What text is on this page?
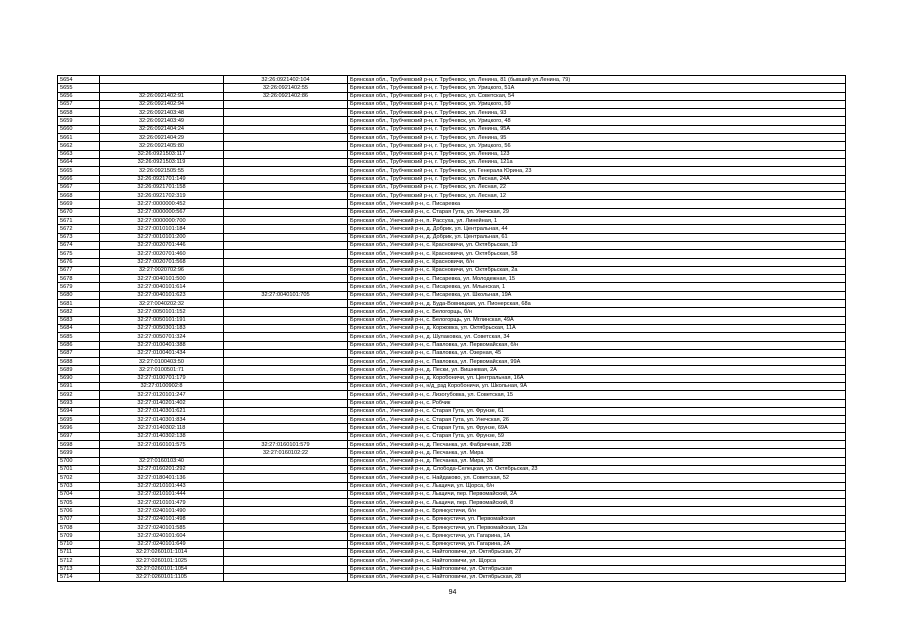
5654		32:26:0921402:104	Брянская обл., Трубчевский р-н, г. Трубчевск, ул. Ленина, 81 (бывший ул.Ленина, 79)
5655		32:26:0921402:55	Брянская обл., Трубчевский р-н, г. Трубчевск, ул. Урицкого, 51А
5656	32:26:0921402:91	32:26:0921402:86	Брянская обл., Трубчевский р-н, г. Трубчевск, ул. Советская, 54
5657	32:26:0921402:94		Брянская обл., Трубчевский р-н, г. Трубчевск, ул. Урицкого, 59
5658	32:26:0921403:48		Брянская обл., Трубчевский р-н, г. Трубчевск, ул. Ленина, 93
5659	32:26:0921403:49		Брянская обл., Трубчевский р-н, г. Трубчевск, ул. Урицкого, 48
5660	32:26:0921404:24		Брянская обл., Трубчевский р-н, г. Трубчевск, ул. Ленина, 95А
5661	32:26:0921404:29		Брянская обл., Трубчевский р-н, г. Трубчевск, ул. Ленина, 95
5662	32:26:0921405:80		Брянская обл., Трубчевский р-н, г. Трубчевск, ул. Урицкого, 56
5663	32:26:0921503:117		Брянская обл., Трубчевский р-н, г. Трубчевск, ул. Ленина, 123
5664	32:26:0921503:119		Брянская обл., Трубчевский р-н, г. Трубчевск, ул. Ленина, 121а
5665	32:26:0921505:55		Брянская обл., Трубчевский р-н, г. Трубчевск, ул. Генерала Юрина, 23
5666	32:26:0921701:149		Брянская обл., Трубчевский р-н, г. Трубчевск, ул. Лесная, 24А
5667	32:26:0921701:158		Брянская обл., Трубчевский р-н, г. Трубчевск, ул. Лесная, 22
5668	32:26:0921702:319		Брянская обл., Трубчевский р-н, г. Трубчевск, ул. Лесная, 12
5669	32:27:0000000:452		Брянская обл., Унечский р-н, с. Писаревка
5670	32:27:0000000:567		Брянская обл., Унечский р-н, с. Старая Гута, ул. Унечская, 29
5671	32:27:0000000:700		Брянская обл., Унечский р-н, п. Рассуха, ул. Линейная, 1
5672	32:27:0010101:184		Брянская обл., Унечский р-н, д. Добрик, ул. Центральная, 44
5673	32:27:0010101:200		Брянская обл., Унечский р-н, д. Добрик, ул. Центральная, 61
5674	32:27:0020701:446		Брянская обл., Унечский р-н, с. Красновичи, ул. Октябрьская, 19
5675	32:27:0020701:460		Брянская обл., Унечский р-н, с. Красновичи, ул. Октябрьская, 58
5676	32:27:0020701:568		Брянская обл., Унечский р-н, с. Красновичи, б/н
5677	32:27:0020702:96		Брянская обл., Унечский р-н, с. Красновичи, ул. Октябрьская, 2а
5678	32:27:0040101:500		Брянская обл., Унечский р-н, с. Писаревка, ул. Молодежная, 15
5679	32:27:0040101:614		Брянская обл., Унечский р-н, с. Писаревка, ул. Млынская, 1
5680	32:27:0040101:623	32:27:0040101:705	Брянская обл., Унечский р-н, с. Писаревка, ул. Школьная, 19А
5681	32:27:0040202:32		Брянская обл., Унечский р-н, д. Буда-Вовницкая, ул. Пионерская, 68а
5682	32:27:0050101:152		Брянская обл., Унечский р-н, с. Белогорщь, б/н
5683	32:27:0050101:191		Брянская обл., Унечский р-н, с. Белогорщь, ул. Мглинская, 49А
5684	32:27:0050301:183		Брянская обл., Унечский р-н, д. Коржовка, ул. Октябрьская, 11А
5685	32:27:0050701:324		Брянская обл., Унечский р-н, д. Шулаковка, ул. Советская, 34
5686	32:27:0100401:388		Брянская обл., Унечский р-н, с. Павловка, ул. Первомайская, б/н
5687	32:27:0100401:434		Брянская обл., Унечский р-н, с. Павловка, ул. Озерная, 45
5688	32:27:0100403:50		Брянская обл., Унечский р-н, с. Павловка, ул. Первомайская, 99А
5689	32:27:0100501:71		Брянская обл., Унечский р-н, д. Пески, ул. Вишневая, 2А
5690	32:27:0100701:179		Брянская обл., Унечский р-н, д. Коробоничи, ул. Центральная, 16А
5691	32:27:0100902:8		Брянская обл., Унечский р-н, н/д_рзд Коробоничи, ул. Школьная, 9А
5692	32:27:0120101:247		Брянская обл., Унечский р-н, с. Лизогубовка, ул. Советская, 15
5693	32:27:0140201:402		Брянская обл., Унечский р-н, с. Робчик
5694	32:27:0140301:621		Брянская обл., Унечский р-н, с. Старая Гута, ул. Фрунзе, 61
5695	32:27:0140301:834		Брянская обл., Унечский р-н, с. Старая Гута, ул. Унечская, 26
5696	32:27:0140302:118		Брянская обл., Унечский р-н, с. Старая Гута, ул. Фрунзе, 69А
5697	32:27:0140302:138		Брянская обл., Унечский р-н, с. Старая Гута, ул. Фрунзе, 59
5698	32:27:0160101:575	32:27:0160101:579	Брянская обл., Унечский р-н, д. Песчанка, ул. Фабричная, 23В
5699		32:27:0160102:22	Брянская обл., Унечский р-н, д. Песчанка, ул. Мира
5700	32:27:0160103:40		Брянская обл., Унечский р-н, д. Песчанка, ул. Мира, 38
5701	32:27:0160201:292		Брянская обл., Унечский р-н, д. Слобода-Селецкая, ул. Октябрьская, 23
5702	32:27:0180401:136		Брянская обл., Унечский р-н, с. Найдаково, ул. Советская, 52
5703	32:27:0210101:443		Брянская обл., Унечский р-н, с. Лыщичи, ул. Щорса, б/н
5704	32:27:0210101:444		Брянская обл., Унечский р-н, с. Лыщичи, пер. Первомайский, 2А
5705	32:27:0210101:479		Брянская обл., Унечский р-н, с. Лыщичи, пер. Первомайский, 8
5706	32:27:0240101:490		Брянская обл., Унечский р-н, с. Брянкустичи, б/н
5707	32:27:0240101:498		Брянская обл., Унечский р-н, с. Брянкустичи, ул. Первомайская
5708	32:27:0240101:585		Брянская обл., Унечский р-н, с. Брянкустичи, ул. Первомайская, 12а
5709	32:27:0240101:604		Брянская обл., Унечский р-н, с. Брянкустичи, ул. Гагарина, 1А
5710	32:27:0240101:649		Брянская обл., Унечский р-н, с. Брянкустичи, ул. Гагарина, 2А
5711	32:27:0260101:1014		Брянская обл., Унечский р-н, с. Найтоповичи, ул. Октябрьская, 27
5712	32:27:0260101:1025		Брянская обл., Унечский р-н, с. Найтоповичи, ул. Щорса
5713	32:27:0260101:1054		Брянская обл., Унечский р-н, с. Найтоповичи, ул. Октябрьская
5714	32:27:0260101:1105		Брянская обл., Унечский р-н, с. Найтоповичи, ул. Октябрьская, 28
94
